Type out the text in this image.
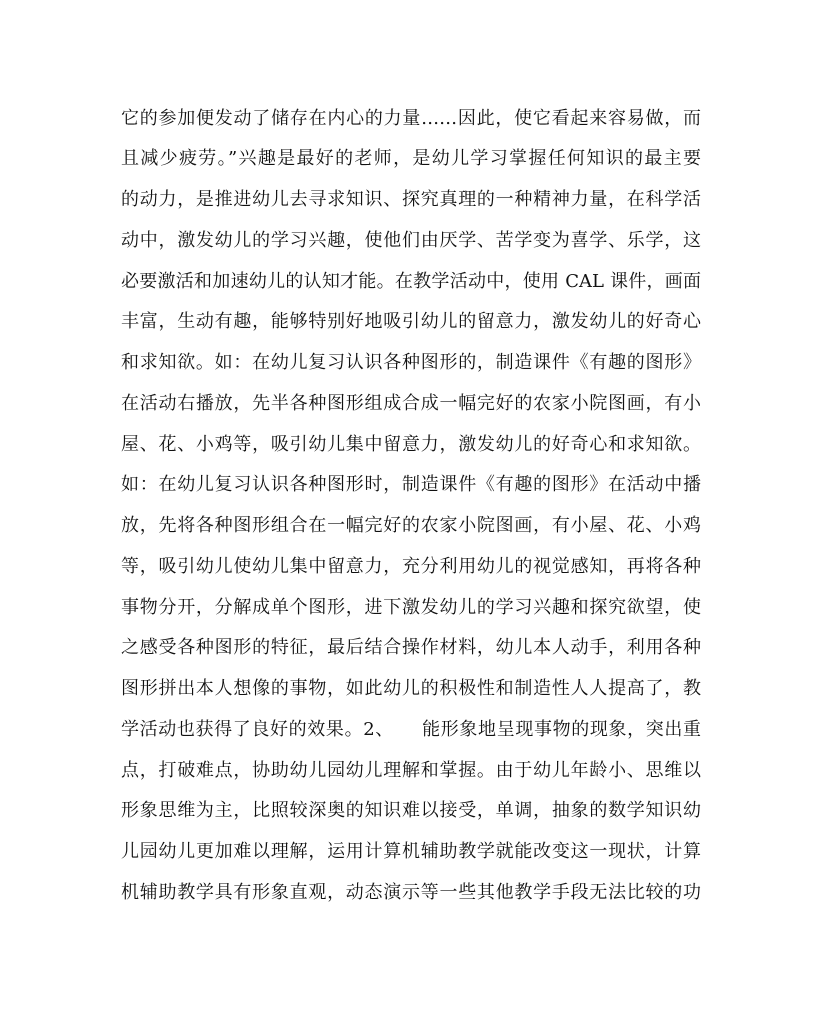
它的参加便发动了储存在内心的力量……因此，使它看起来容易做，而
且减少疲劳。”兴趣是最好的老师，是幼儿学习掌握任何知识的最主要
的动力，是推进幼儿去寻求知识、探究真理的一种精神力量，在科学活
动中，激发幼儿的学习兴趣，使他们由厌学、苦学变为喜学、乐学，这
必要激活和加速幼儿的认知才能。在教学活动中，使用 CAL 课件，画面
丰富，生动有趣，能够特别好地吸引幼儿的留意力，激发幼儿的好奇心
和求知欲。如：在幼儿复习认识各种图形的，制造课件《有趣的图形》
在活动右播放，先半各种图形组成合成一幅完好的农家小院图画，有小
屋、花、小鸡等，吸引幼儿集中留意力，激发幼儿的好奇心和求知欲。
如：在幼儿复习认识各种图形时，制造课件《有趣的图形》在活动中播
放，先将各种图形组合在一幅完好的农家小院图画，有小屋、花、小鸡
等，吸引幼儿使幼儿集中留意力，充分利用幼儿的视觉感知，再将各种
事物分开，分解成单个图形，进下激发幼儿的学习兴趣和探究欲望，使
之感受各种图形的特征，最后结合操作材料，幼儿本人动手，利用各种
图形拼出本人想像的事物，如此幼儿的积极性和制造性人人提高了，教
学活动也获得了良好的效果。2、　　能形象地呈现事物的现象，突出重
点，打破难点，协助幼儿园幼儿理解和掌握。由于幼儿年龄小、思维以
形象思维为主，比照较深奥的知识难以接受，单调，抽象的数学知识幼
儿园幼儿更加难以理解，运用计算机辅助教学就能改变这一现状，计算
机辅助教学具有形象直观，动态演示等一些其他教学手段无法比较的功
